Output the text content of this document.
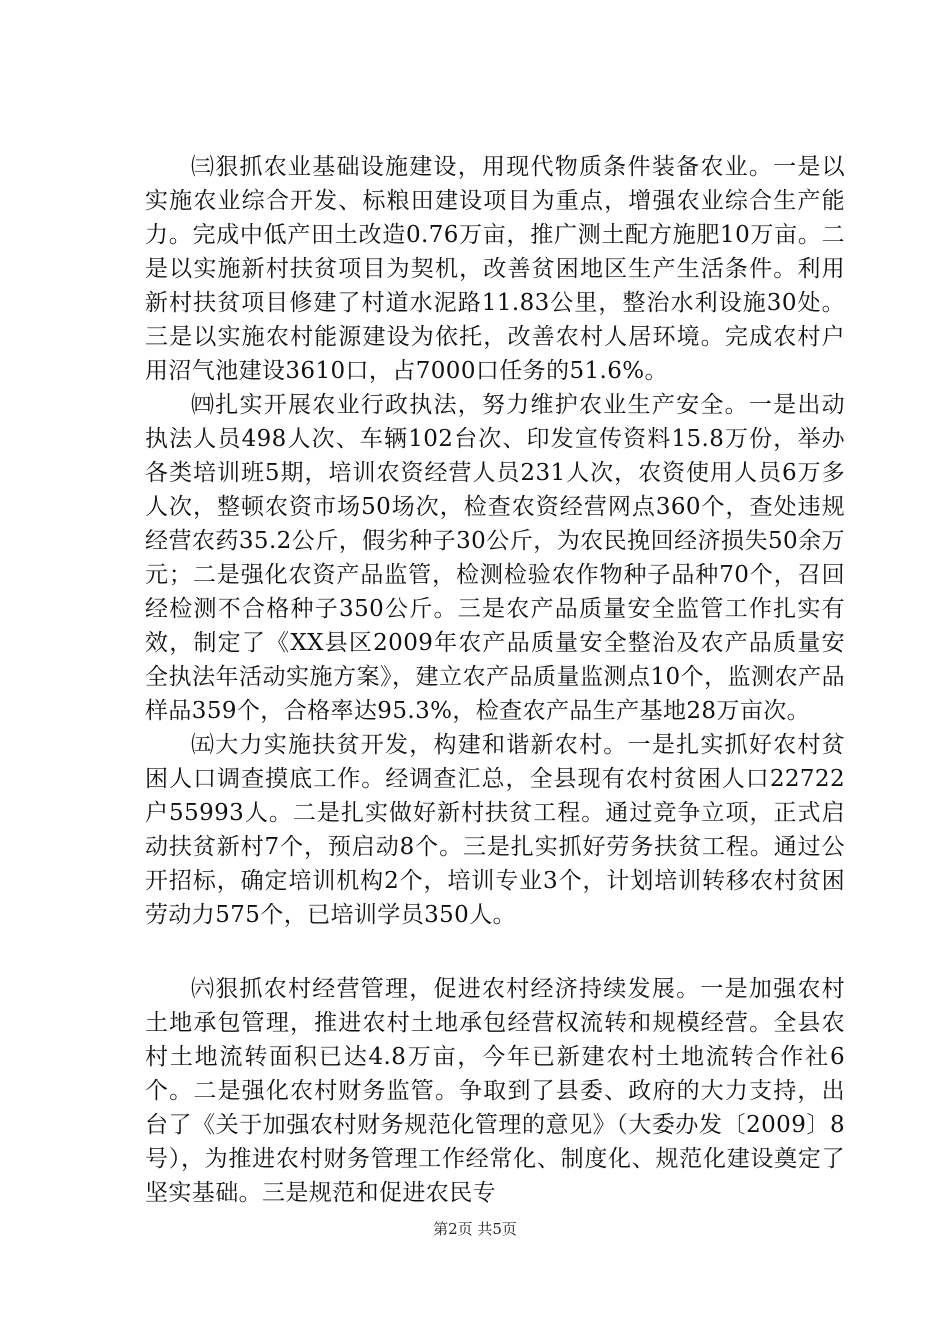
㈢狠抓农业基础设施建设，用现代物质条件装备农业。一是以实施农业综合开发、标粮田建设项目为重点，增强农业综合生产能力。完成中低产田土改造0.76万亩，推广测土配方施肥10万亩。二是以实施新村扶贫项目为契机，改善贫困地区生产生活条件。利用新村扶贫项目修建了村道水泥路11.83公里，整治水利设施30处。三是以实施农村能源建设为依托，改善农村人居环境。完成农村户用沼气池建设3610口，占7000口任务的51.6%。

㈣扎实开展农业行政执法，努力维护农业生产安全。一是出动执法人员498人次、车辆102台次、印发宣传资料15.8万份，举办各类培训班5期，培训农资经营人员231人次，农资使用人员6万多人次，整顿农资市场50场次，检查农资经营网点360个，查处违规经营农药35.2公斤，假劣种子30公斤，为农民挽回经济损失50余万元；二是强化农资产品监管，检测检验农作物种子品种70个，召回经检测不合格种子350公斤。三是农产品质量安全监管工作扎实有效，制定了《XX县区2009年农产品质量安全整治及农产品质量安全执法年活动实施方案》，建立农产品质量监测点10个，监测农产品样品359个，合格率达95.3%，检查农产品生产基地28万亩次。

㈤大力实施扶贫开发，构建和谐新农村。一是扎实抓好农村贫困人口调查摸底工作。经调查汇总，全县现有农村贫困人口22722户55993人。二是扎实做好新村扶贫工程。通过竞争立项，正式启动扶贫新村7个，预启动8个。三是扎实抓好劳务扶贫工程。通过公开招标，确定培训机构2个，培训专业3个，计划培训转移农村贫困劳动力575个，已培训学员350人。

㈥狠抓农村经营管理，促进农村经济持续发展。一是加强农村土地承包管理，推进农村土地承包经营权流转和规模经营。全县农村土地流转面积已达4.8万亩，今年已新建农村土地流转合作社6个。二是强化农村财务监管。争取到了县委、政府的大力支持，出台了《关于加强农村财务规范化管理的意见》（大委办发〔2009〕8号），为推进农村财务管理工作经常化、制度化、规范化建设奠定了坚实基础。三是规范和促进农民专

第2页 共5页
